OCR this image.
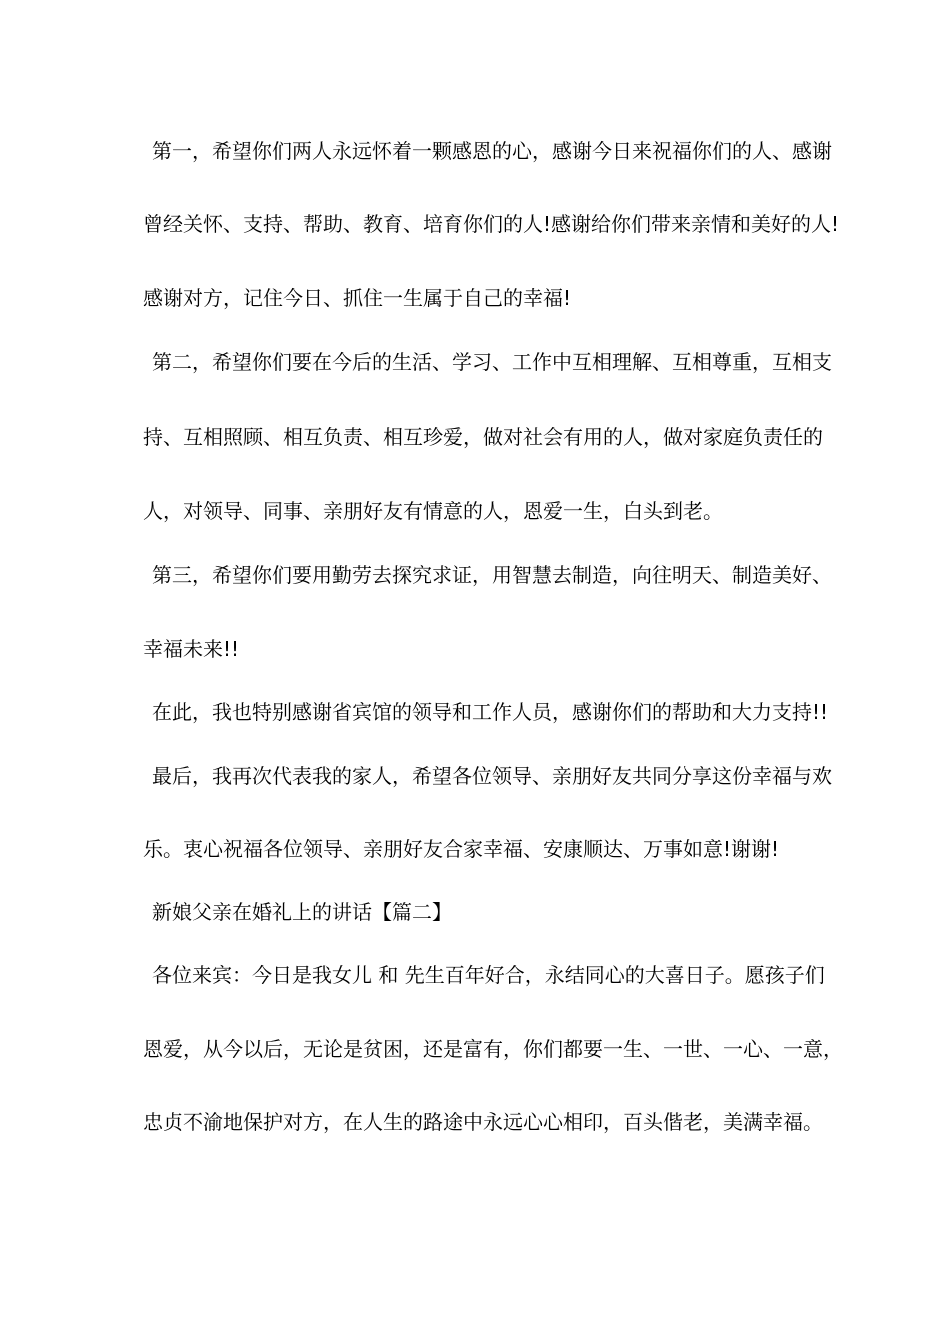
第一，希望你们两人永远怀着一颗感恩的心，感谢今日来祝福你们的人、感谢
曾经关怀、支持、帮助、教育、培育你们的人!感谢给你们带来亲情和美好的人!
感谢对方，记住今日、抓住一生属于自己的幸福!
第二，希望你们要在今后的生活、学习、工作中互相理解、互相尊重，互相支
持、互相照顾、相互负责、相互珍爱，做对社会有用的人，做对家庭负责任的
人，对领导、同事、亲朋好友有情意的人，恩爱一生，白头到老。
第三，希望你们要用勤劳去探究求证，用智慧去制造，向往明天、制造美好、
幸福未来!!
在此，我也特别感谢省宾馆的领导和工作人员，感谢你们的帮助和大力支持!!
最后，我再次代表我的家人，希望各位领导、亲朋好友共同分享这份幸福与欢
乐。衷心祝福各位领导、亲朋好友合家幸福、安康顺达、万事如意!谢谢!
新娘父亲在婚礼上的讲话【篇二】
各位来宾：今日是我女儿 和 先生百年好合，永结同心的大喜日子。愿孩子们
恩爱，从今以后，无论是贫困，还是富有，你们都要一生、一世、一心、一意，
忠贞不渝地保护对方，在人生的路途中永远心心相印，百头偕老，美满幸福。
